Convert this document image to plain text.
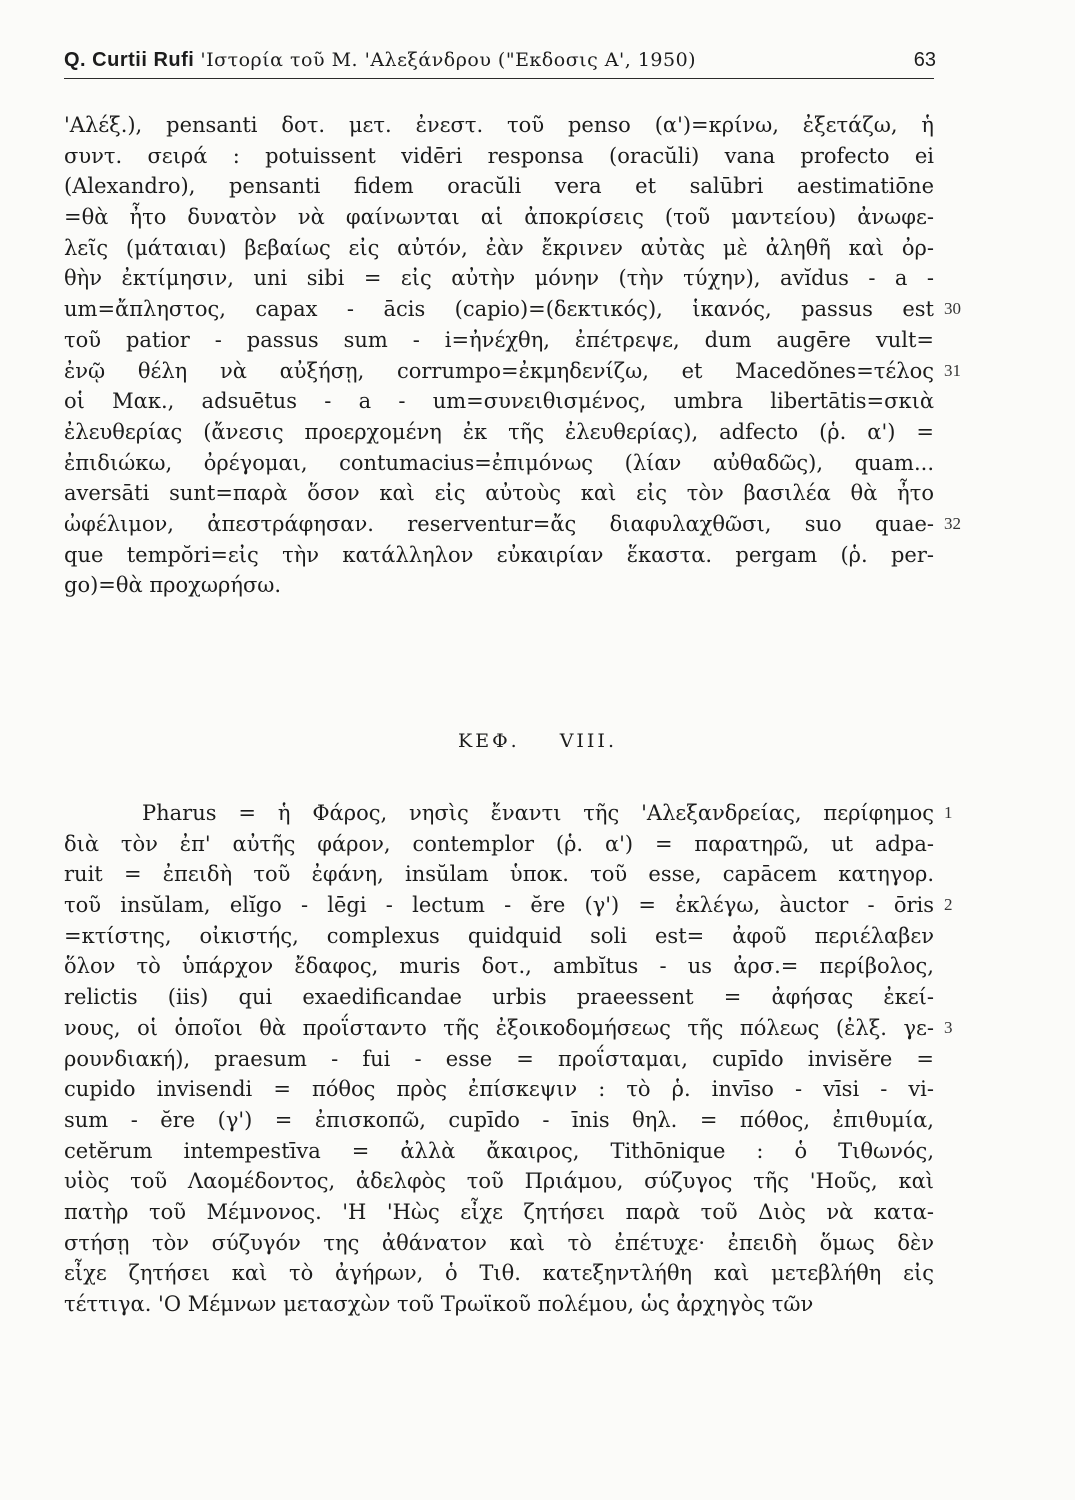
Q. Curtii Rufi 'Ιστορία τοῦ Μ. 'Αλεξάνδρου ("Εκδοσις Α', 1950)	63
'Αλέξ.), pensanti δοτ. μετ. ἐνεστ. τοῦ penso (α')=κρίνω, ἐξετάζω, ἡ
συντ. σειρά : potuissent vidēri responsa (oracŭli) vana profecto ei
(Alexandro), pensanti fidem oracŭli vera et salūbri aestimatiōne
=θὰ ἦτο δυνατὸν νὰ φαίνωνται αἱ ἀποκρίσεις (τοῦ μαντείου) ἀνωφε-
λεῖς (μάταιαι) βεβαίως εἰς αὐτόν, ἐὰν ἔκρινεν αὐτὰς μὲ ἀληθῆ καὶ ὀρ-
θὴν ἐκτίμησιν, uni sibi = εἰς αὐτὴν μόνην (τὴν τύχην), avĭdus - a -
um=ἄπληστος, capax - ācis (capio)=(δεκτικός), ἱκανός, passus est 30
τοῦ patior - passus sum - i=ἠνέχθη, ἐπέτρεψε, dum augēre vult=
ἐνῷ θέλη νὰ αὐξήσῃ, corrumpo=ἐκμηδενίζω, et Macedŏnes=τέλος 31
οἱ Μακ., adsuētus - a - um=συνειθισμένος, umbra libertātis=σκιὰ
ἐλευθερίας (ἄνεσις προερχομένη ἐκ τῆς ἐλευθερίας), adfecto (ῥ. α') =
ἐπιδιώκω, ὀρέγομαι, contumacius=ἐπιμόνως (λίαν αὐθαδῶς), quam...
aversāti sunt=παρὰ ὅσον καὶ εἰς αὐτοὺς καὶ εἰς τὸν βασιλέα θὰ ἦτο
ὠφέλιμον, ἀπεστράφησαν. reserventur=ἄς διαφυλαχθῶσι, suo quae- 32
que tempŏri=εἰς τὴν κατάλληλον εὐκαιρίαν ἕκαστα. pergam (ῥ. per-
go)=θὰ προχωρήσω.
ΚΕΦ. VIII.
Pharus = ἡ Φάρος, νησὶς ἔναντι τῆς 'Αλεξανδρείας, περίφημος 1
διὰ τὸν ἐπ' αὐτῆς φάρον, contemplor (ῥ. α') = παρατηρῶ, ut adpa-
ruit = ἐπειδὴ τοῦ ἐφάνη, insŭlam ὑποκ. τοῦ esse, capācem κατηγορ.
τοῦ insŭlam, elĭgo - lēgi - lectum - ĕre (γ') = ἐκλέγω, àuctor - ōris 2
=κτίστης, οἰκιστής, complexus quidquid soli est= ἀφοῦ περιέλαβεν
ὅλον τὸ ὑπάρχον ἔδαφος, muris δοτ., ambĭtus - us ἀρσ.= περίβολος,
relictis (iis) qui exaedificandae urbis praeessent = ἀφήσας ἐκεί-
νους, οἱ ὁποῖοι θὰ προΐσταντο τῆς ἐξοικοδομήσεως τῆς πόλεως (ἐλξ. γε- 3
ρουνδιακή), praesum - fui - esse = προΐσταμαι, cupīdo invisĕre =
cupido invisendi = πόθος πρὸς ἐπίσκεψιν : τὸ ῥ. invīso - vīsi - vi-
sum - ĕre (γ') = ἐπισκοπῶ, cupīdo - īnis θηλ. = πόθος, ἐπιθυμία,
cetĕrum intempestīva = ἀλλὰ ἄκαιρος, Tithōnique : ὁ Τιθωνός,
υἱὸς τοῦ Λαομέδοντος, ἀδελφὸς τοῦ Πριάμου, σύζυγος τῆς 'Ηοῦς, καὶ
πατὴρ τοῦ Μέμνονος. 'Η 'Ηὼς εἶχε ζητήσει παρὰ τοῦ Διὸς νὰ κατα-
στήσῃ τὸν σύζυγόν της ἀθάνατον καὶ τὸ ἐπέτυχε· ἐπειδὴ ὅμως δὲν
εἶχε ζητήσει καὶ τὸ ἀγήρων, ὁ Τιθ. κατεξηντλήθη καὶ μετεβλήθη εἰς
τέττιγα. 'Ο Μέμνων μετασχὼν τοῦ Τρωϊκοῦ πολέμου, ὡς ἀρχηγὸς τῶν
